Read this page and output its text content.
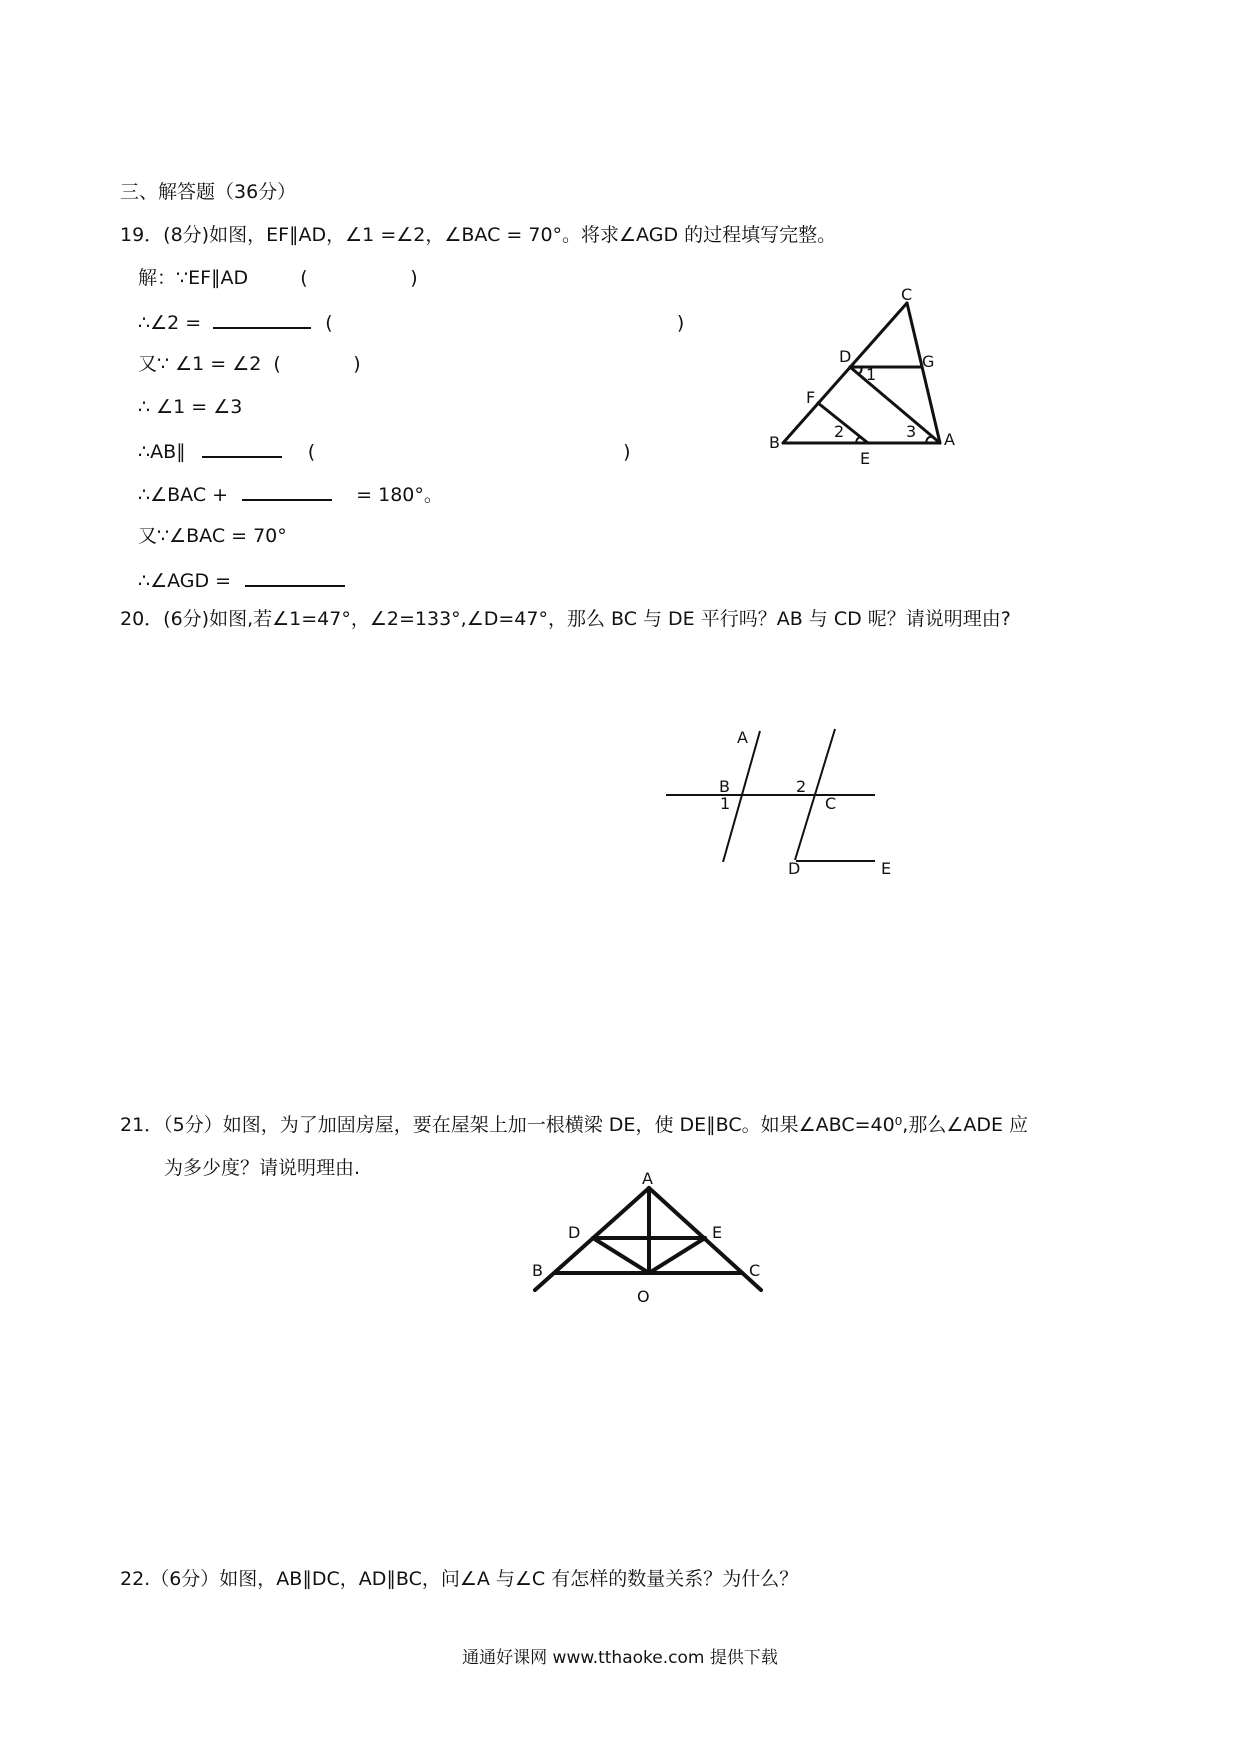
三、解答题（36分）
19．(8分)如图，EF∥AD，∠1 =∠2，∠BAC = 70°。将求∠AGD 的过程填写完整。
解：∵EF∥AD	(                 )
∴∠2 =	(                                                         )
又∵ ∠1 = ∠2 (            )
∴ ∠1 = ∠3
∴AB∥	(                                                   )
∴∠BAC +	= 180°。
又∵∠BAC = 70°
∴∠AGD =
C
D	G
F
B
E
A
1
2	3
20．(6分)如图,若∠1=47°，∠2=133°,∠D=47°，那么 BC 与 DE 平行吗？AB 与 CD 呢？请说明理由?
A
B
1
2
C
D	E
21．（5分）如图，为了加固房屋，要在屋架上加一根横梁 DE，使 DE∥BC。如果∠ABC=40⁰,那么∠ADE 应
为多少度？请说明理由.	A
D	E
B	C
O
22.（6分）如图，AB∥DC，AD∥BC，问∠A 与∠C 有怎样的数量关系？为什么？
通通好课网 www.tthaoke.com 提供下载
